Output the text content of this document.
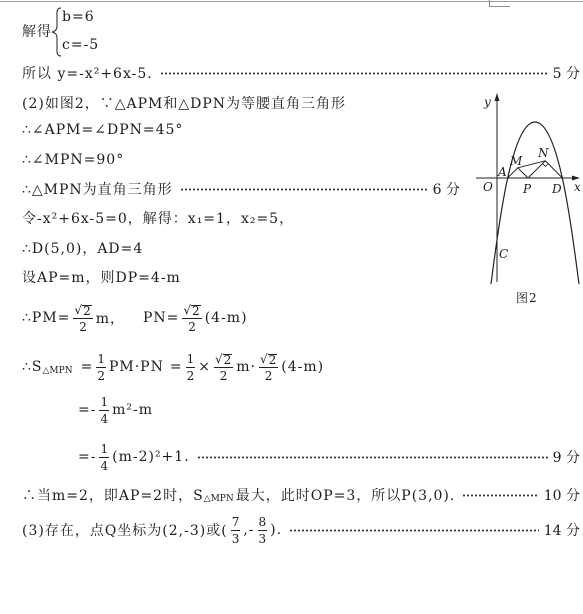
解得
b=6
c=-5
所以 y=-x²+6x-5.	5 分
(2)如图2，∵△APM和△DPN为等腰直角三角形
∴∠APM=∠DPN=45°
∴∠MPN=90°
∴△MPN为直角三角形	6 分
令-x²+6x-5=0，解得：x₁=1，x₂=5，
∴D(5,0)，AD=4
设AP=m，则DP=4-m
∴PM= $\frac{√ 2}{2}$ m， $PN= \frac{√ 2}{2} (4-m)$
∴S △MPN = $\frac{1}{2} PM\cdot PN = \frac{1}{2} \times \frac{√ 2}{2} m\cdot \frac{√ 2}{2} (4-m)$
=- $\frac{1}{4} m^2-m$
=- $\frac{1}{4} (m-2)^2+1$.	9 分
∴当m=2，即AP=2时，S △MPN 最大，此时OP=3，所以P(3,0).	10 分
(3)存在，点Q坐标为(2,-3)或( $\frac{7}{3}$ ,- $\frac{8}{3}$ ).	14 分
y
x
O
A
M
N
P D
C
图2
